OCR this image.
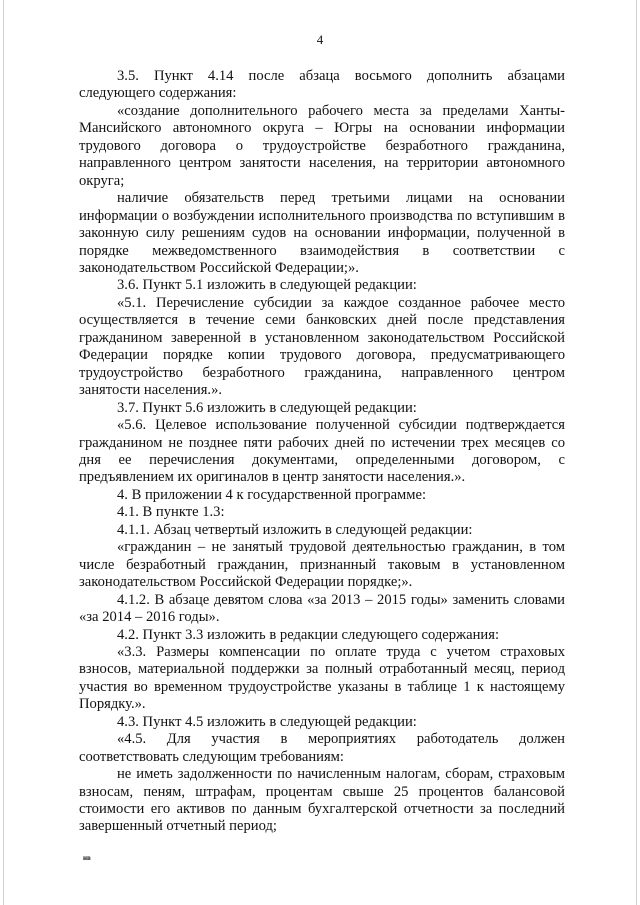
4

3.5. Пункт 4.14 после абзаца восьмого дополнить абзацами следующего содержания:

«создание дополнительного рабочего места за пределами Ханты-Мансийского автономного округа – Югры на основании информации трудового договора о трудоустройстве безработного гражданина, направленного центром занятости населения, на территории автономного округа;

наличие обязательств перед третьими лицами на основании информации о возбуждении исполнительного производства по вступившим в законную силу решениям судов на основании информации, полученной в порядке межведомственного взаимодействия в соответствии с законодательством Российской Федерации;».

3.6. Пункт 5.1 изложить в следующей редакции:

«5.1. Перечисление субсидии за каждое созданное рабочее место осуществляется в течение семи банковских дней после представления гражданином заверенной в установленном законодательством Российской Федерации порядке копии трудового договора, предусматривающего трудоустройство безработного гражданина, направленного центром занятости населения.».

3.7. Пункт 5.6 изложить в следующей редакции:

«5.6. Целевое использование полученной субсидии подтверждается гражданином не позднее пяти рабочих дней по истечении трех месяцев со дня ее перечисления документами, определенными договором, с предъявлением их оригиналов в центр занятости населения.».

4. В приложении 4 к государственной программе:

4.1. В пункте 1.3:

4.1.1. Абзац четвертый изложить в следующей редакции:

«гражданин – не занятый трудовой деятельностью гражданин, в том числе безработный гражданин, признанный таковым в установленном законодательством Российской Федерации порядке;».

4.1.2. В абзаце девятом слова «за 2013 – 2015 годы» заменить словами «за 2014 – 2016 годы».

4.2. Пункт 3.3 изложить в редакции следующего содержания:

«3.3. Размеры компенсации по оплате труда с учетом страховых взносов, материальной поддержки за полный отработанный месяц, период участия во временном трудоустройстве указаны в таблице 1 к настоящему Порядку.».

4.3. Пункт 4.5 изложить в следующей редакции:

«4.5. Для участия в мероприятиях работодатель должен соответствовать следующим требованиям:

не иметь задолженности по начисленным налогам, сборам, страховым взносам, пеням, штрафам, процентам свыше 25 процентов балансовой стоимости его активов по данным бухгалтерской отчетности за последний завершенный отчетный период;

нв
